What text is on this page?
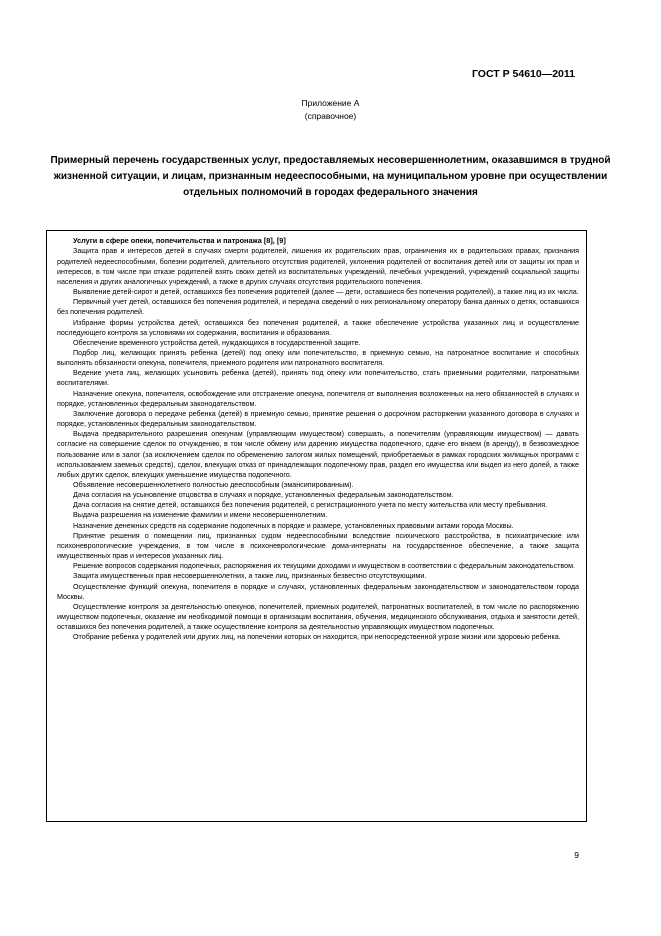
ГОСТ Р 54610—2011
Приложение А
(справочное)
Примерный перечень государственных услуг, предоставляемых несовершеннолетним, оказавшимся в трудной жизненной ситуации, и лицам, признанным недееспособными, на муниципальном уровне при осуществлении отдельных полномочий в городах федерального значения
Услуги в сфере опеки, попечительства и патронажа [8], [9]

Защита прав и интересов детей в случаях смерти родителей, лишения их родительских прав, ограничения их в родительских правах, признания родителей недееспособными, болезни родителей, длительного отсутствия родителей, уклонения родителей от воспитания детей или от защиты их прав и интересов, в том числе при отказе родителей взять своих детей из воспитательных учреждений, лечебных учреждений, учреждений социальной защиты населения и других аналогичных учреждений, а также в других случаях отсутствия родительского попечения.

Выявление детей-сирот и детей, оставшихся без попечения родителей (далее — дети, оставшиеся без попечения родителей), а также лиц из их числа.

Первичный учет детей, оставшихся без попечения родителей, и передача сведений о них региональному оператору банка данных о детях, оставшихся без попечения родителей.

Избрание формы устройства детей, оставшихся без попечения родителей, а также обеспечение устройства указанных лиц и осуществление последующего контроля за условиями их содержания, воспитания и образования.

Обеспечение временного устройства детей, нуждающихся в государственной защите.

Подбор лиц, желающих принять ребенка (детей) под опеку или попечительство, в приемную семью, на патронатное воспитание и способных выполнять обязанности опекуна, попечителя, приемного родителя или патронатного воспитателя.

Ведение учета лиц, желающих усыновить ребенка (детей), принять под опеку или попечительство, стать приемными родителями, патронатными воспитателями.

Назначение опекуна, попечителя, освобождение или отстранение опекуна, попечителя от выполнения возложенных на него обязанностей в случаях и порядке, установленных федеральным законодательством.

Заключение договора о передаче ребенка (детей) в приемную семью, принятие решения о досрочном расторжении указанного договора в случаях и порядке, установленных федеральным законодательством.

Выдача предварительного разрешения опекунам (управляющим имуществом) совершать, а попечителям (управляющим имуществом) — давать согласие на совершение сделок по отчуждению, в том числе обмену или дарению имущества подопечного, сдаче его внаем (в аренду), в безвозмездное пользование или в залог (за исключением сделок по обременению залогом жилых помещений, приобретаемых в рамках городских жилищных программ с использованием заемных средств), сделок, влекущих отказ от принадлежащих подопечному прав, раздел его имущества или выдел из него долей, а также любых других сделок, влекущих уменьшение имущества подопечного.

Объявление несовершеннолетнего полностью дееспособным (эмансипированным).

Дача согласия на усыновление отцовства в случаях и порядке, установленных федеральным законодательством.

Дача согласия на снятие детей, оставшихся без попечения родителей, с регистрационного учета по месту жительства или месту пребывания.

Выдача разрешения на изменение фамилии и имени несовершеннолетним.

Назначение денежных средств на содержание подопечных в порядке и размере, установленных правовыми актами города Москвы.

Принятие решения о помещении лиц, признанных судом недееспособными вследствие психического расстройства, в психиатрические или психоневрологические учреждения, в том числе в психоневрологические дома-интернаты на государственное обеспечение, а также защита имущественных прав и интересов указанных лиц.

Решение вопросов содержания подопечных, распоряжения их текущими доходами и имуществом в соответствии с федеральным законодательством.

Защита имущественных прав несовершеннолетних, а также лиц, признанных безвестно отсутствующими.

Осуществление функций опекуна, попечителя в порядке и случаях, установленных федеральным законодательством и законодательством города Москвы.

Осуществление контроля за деятельностью опекунов, попечителей, приемных родителей, патронатных воспитателей, в том числе по распоряжению имуществом подопечных, оказание им необходимой помощи в организации воспитания, обучения, медицинского обслуживания, отдыха и занятости детей, оставшихся без попечения родителей, а также осуществление контроля за деятельностью управляющих имуществом подопечных.

Отобрание ребенка у родителей или других лиц, на попечении которых он находится, при непосредственной угрозе жизни или здоровью ребенка.

9
